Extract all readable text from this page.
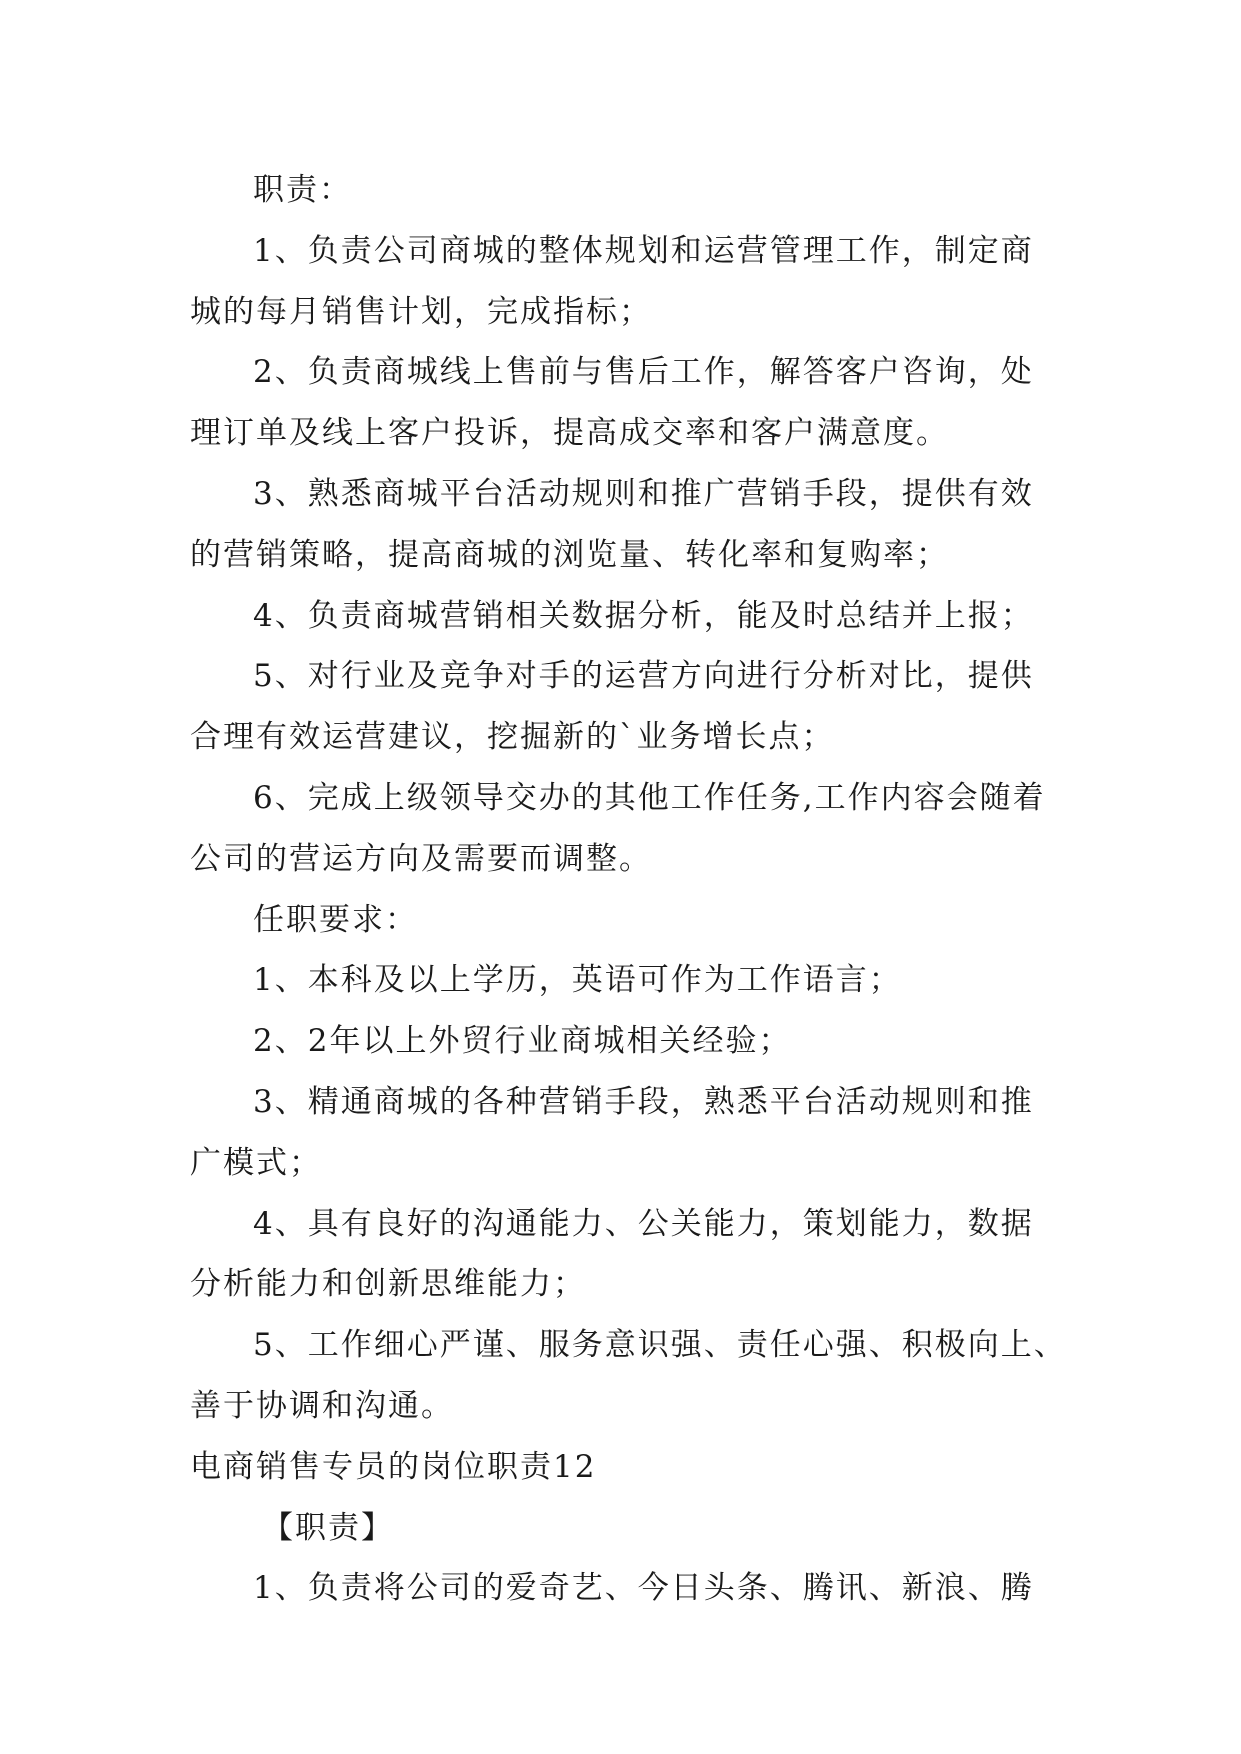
职责：
1、负责公司商城的整体规划和运营管理工作，制定商
城的每月销售计划，完成指标；
2、负责商城线上售前与售后工作，解答客户咨询，处
理订单及线上客户投诉，提高成交率和客户满意度。
3、熟悉商城平台活动规则和推广营销手段，提供有效
的营销策略，提高商城的浏览量、转化率和复购率；
4、负责商城营销相关数据分析，能及时总结并上报；
5、对行业及竞争对手的运营方向进行分析对比，提供
合理有效运营建议，挖掘新的`业务增长点；
6、完成上级领导交办的其他工作任务,工作内容会随着
公司的营运方向及需要而调整。
任职要求：
1、本科及以上学历，英语可作为工作语言；
2、2年以上外贸行业商城相关经验；
3、精通商城的各种营销手段，熟悉平台活动规则和推
广模式；
4、具有良好的沟通能力、公关能力，策划能力，数据
分析能力和创新思维能力；
5、工作细心严谨、服务意识强、责任心强、积极向上、
善于协调和沟通。
电商销售专员的岗位职责12
【职责】
1、负责将公司的爱奇艺、今日头条、腾讯、新浪、腾
